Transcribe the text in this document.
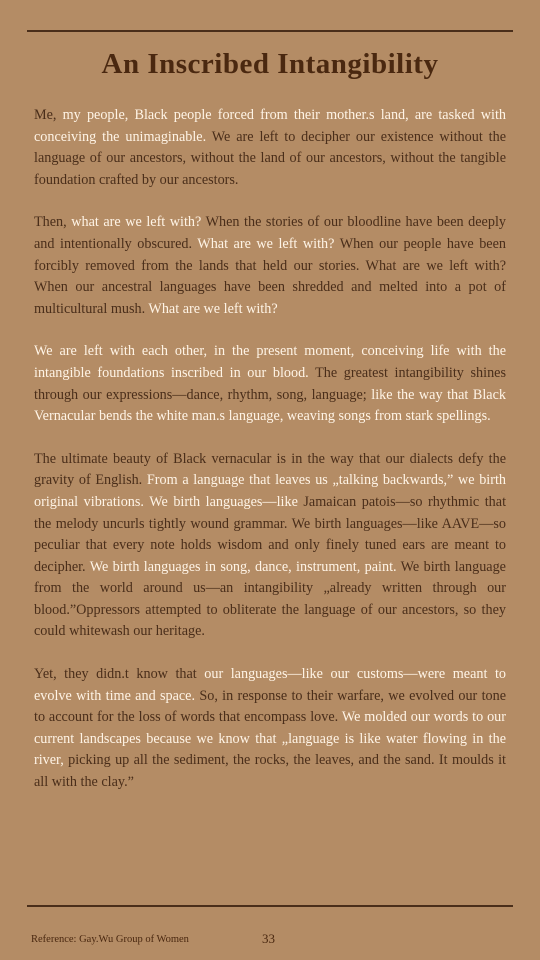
An Inscribed Intangibility

Me, my people, Black people forced from their mother.s land, are tasked with conceiving the unimaginable. We are left to decipher our existence without the language of our ancestors, without the land of our ancestors, without the tangible foundation crafted by our ancestors.

Then, what are we left with? When the stories of our bloodline have been deeply and intentionally obscured. What are we left with? When our people have been forcibly removed from the lands that held our stories. What are we left with? When our ancestral languages have been shredded and melted into a pot of multicultural mush. What are we left with?

We are left with each other, in the present moment, conceiving life with the intangible foundations inscribed in our blood. The greatest intangibility shines through our expressions—dance, rhythm, song, language; like the way that Black Vernacular bends the white man.s language, weaving songs from stark spellings.

The ultimate beauty of Black vernacular is in the way that our dialects defy the gravity of English. From a language that leaves us „talking backwards,” we birth original vibrations. We birth languages—like Jamaican patois—so rhythmic that the melody uncurls tightly wound grammar. We birth languages—like AAVE—so peculiar that every note holds wisdom and only finely tuned ears are meant to decipher. We birth languages in song, dance, instrument, paint. We birth language from the world around us—an intangibility „already written through our blood.”Oppressors attempted to obliterate the language of our ancestors, so they could whitewash our heritage.

Yet, they didn.t know that our languages—like our customs—were meant to evolve with time and space. So, in response to their warfare, we evolved our tone to account for the loss of words that encompass love. We molded our words to our current landscapes because we know that „language is like water flowing in the river, picking up all the sediment, the rocks, the leaves, and the sand. It moulds it all with the clay.”

Reference: Gay.Wu Group of Women	33
